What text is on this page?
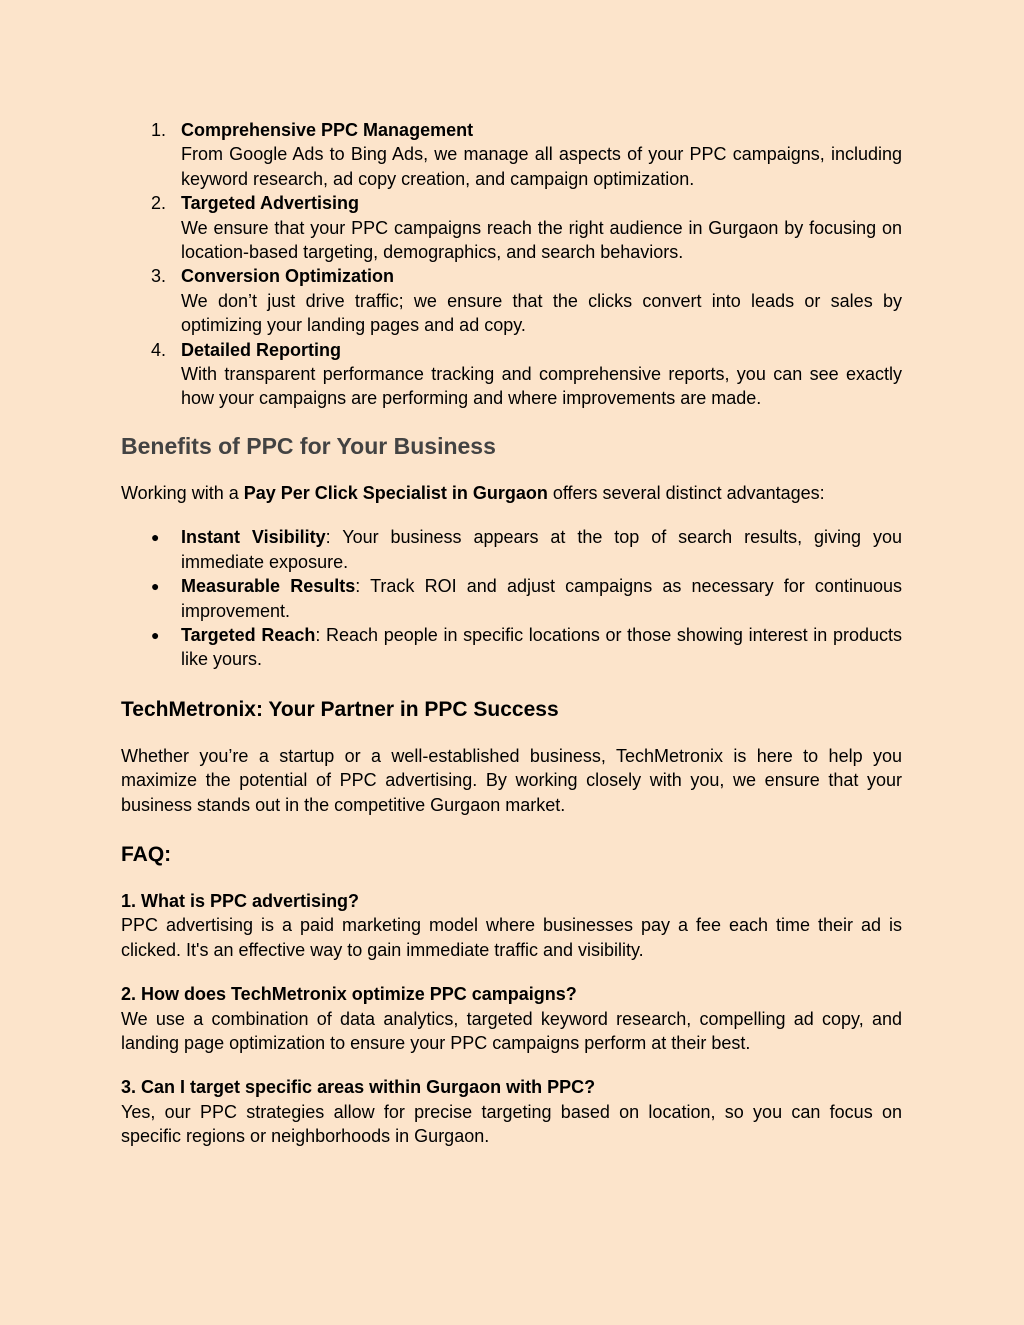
1. Comprehensive PPC Management
From Google Ads to Bing Ads, we manage all aspects of your PPC campaigns, including keyword research, ad copy creation, and campaign optimization.
2. Targeted Advertising
We ensure that your PPC campaigns reach the right audience in Gurgaon by focusing on location-based targeting, demographics, and search behaviors.
3. Conversion Optimization
We don’t just drive traffic; we ensure that the clicks convert into leads or sales by optimizing your landing pages and ad copy.
4. Detailed Reporting
With transparent performance tracking and comprehensive reports, you can see exactly how your campaigns are performing and where improvements are made.
Benefits of PPC for Your Business

Working with a Pay Per Click Specialist in Gurgaon offers several distinct advantages:

● Instant Visibility: Your business appears at the top of search results, giving you immediate exposure.
● Measurable Results: Track ROI and adjust campaigns as necessary for continuous improvement.
● Targeted Reach: Reach people in specific locations or those showing interest in products like yours.
TechMetronix: Your Partner in PPC Success

Whether you’re a startup or a well-established business, TechMetronix is here to help you maximize the potential of PPC advertising. By working closely with you, we ensure that your business stands out in the competitive Gurgaon market.

FAQ:
1. What is PPC advertising?
PPC advertising is a paid marketing model where businesses pay a fee each time their ad is clicked. It's an effective way to gain immediate traffic and visibility.
2. How does TechMetronix optimize PPC campaigns?
We use a combination of data analytics, targeted keyword research, compelling ad copy, and landing page optimization to ensure your PPC campaigns perform at their best.
3. Can I target specific areas within Gurgaon with PPC?
Yes, our PPC strategies allow for precise targeting based on location, so you can focus on specific regions or neighborhoods in Gurgaon.
